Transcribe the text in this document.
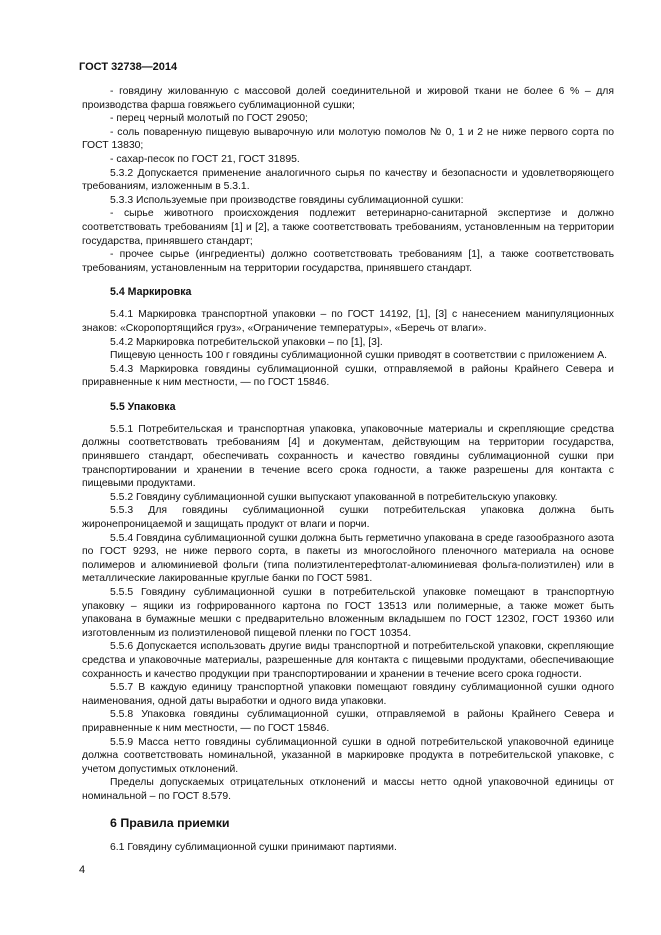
ГОСТ 32738—2014

- говядину жилованную с массовой долей соединительной и жировой ткани не более 6 % – для производства фарша говяжьего сублимационной сушки;

- перец черный молотый по ГОСТ 29050;

- соль поваренную пищевую выварочную или молотую помолов № 0, 1 и 2 не ниже первого сорта по ГОСТ 13830;

- сахар-песок по ГОСТ 21, ГОСТ 31895.

5.3.2 Допускается применение аналогичного сырья по качеству и безопасности и удовлетворяющего требованиям, изложенным в 5.3.1.

5.3.3 Используемые при производстве говядины сублимационной сушки:

- сырье животного происхождения подлежит ветеринарно-санитарной экспертизе и должно соответствовать требованиям [1] и [2], а также соответствовать требованиям, установленным на территории государства, принявшего стандарт;

- прочее сырье (ингредиенты) должно соответствовать требованиям [1], а также соответствовать требованиям, установленным на территории государства, принявшего стандарт.

5.4 Маркировка

5.4.1 Маркировка транспортной упаковки – по ГОСТ 14192, [1], [3] с нанесением манипуляционных знаков: «Скоропортящийся груз», «Ограничение температуры», «Беречь от влаги».

5.4.2 Маркировка потребительской упаковки – по [1], [3].

Пищевую ценность 100 г говядины сублимационной сушки приводят в соответствии с приложением А.

5.4.3 Маркировка говядины сублимационной сушки, отправляемой в районы Крайнего Севера и приравненные к ним местности, — по ГОСТ 15846.

5.5 Упаковка

5.5.1 Потребительская и транспортная упаковка, упаковочные материалы и скрепляющие средства должны соответствовать требованиям [4] и документам, действующим на территории государства, принявшего стандарт, обеспечивать сохранность и качество говядины сублимационной сушки при транспортировании и хранении в течение всего срока годности, а также разрешены для контакта с пищевыми продуктами.

5.5.2 Говядину сублимационной сушки выпускают упакованной в потребительскую упаковку.

5.5.3 Для говядины сублимационной сушки потребительская упаковка должна быть жиронепроницаемой и защищать продукт от влаги и порчи.

5.5.4 Говядина сублимационной сушки должна быть герметично упакована в среде газообразного азота по ГОСТ 9293, не ниже первого сорта, в пакеты из многослойного пленочного материала на основе полимеров и алюминиевой фольги (типа полиэтилентерефтолат-алюминиевая фольга-полиэтилен) или в металлические лакированные круглые банки по ГОСТ 5981.

5.5.5 Говядину сублимационной сушки в потребительской упаковке помещают в транспортную упаковку – ящики из гофрированного картона по ГОСТ 13513 или полимерные, а также может быть упакована в бумажные мешки с предварительно вложенным вкладышем по ГОСТ 12302, ГОСТ 19360 или изготовленным из полиэтиленовой пищевой пленки по ГОСТ 10354.

5.5.6 Допускается использовать другие виды транспортной и потребительской упаковки, скрепляющие средства и упаковочные материалы, разрешенные для контакта с пищевыми продуктами, обеспечивающие сохранность и качество продукции при транспортировании и хранении в течение всего срока годности.

5.5.7 В каждую единицу транспортной упаковки помещают говядину сублимационной сушки одного наименования, одной даты выработки и одного вида упаковки.

5.5.8 Упаковка говядины сублимационной сушки, отправляемой в районы Крайнего Севера и приравненные к ним местности, — по ГОСТ 15846.

5.5.9 Масса нетто говядины сублимационной сушки в одной потребительской упаковочной единице должна соответствовать номинальной, указанной в маркировке продукта в потребительской упаковке, с учетом допустимых отклонений.

Пределы допускаемых отрицательных отклонений и массы нетто одной упаковочной единицы от номинальной – по ГОСТ 8.579.

6 Правила приемки

6.1 Говядину сублимационной сушки принимают партиями.

4
